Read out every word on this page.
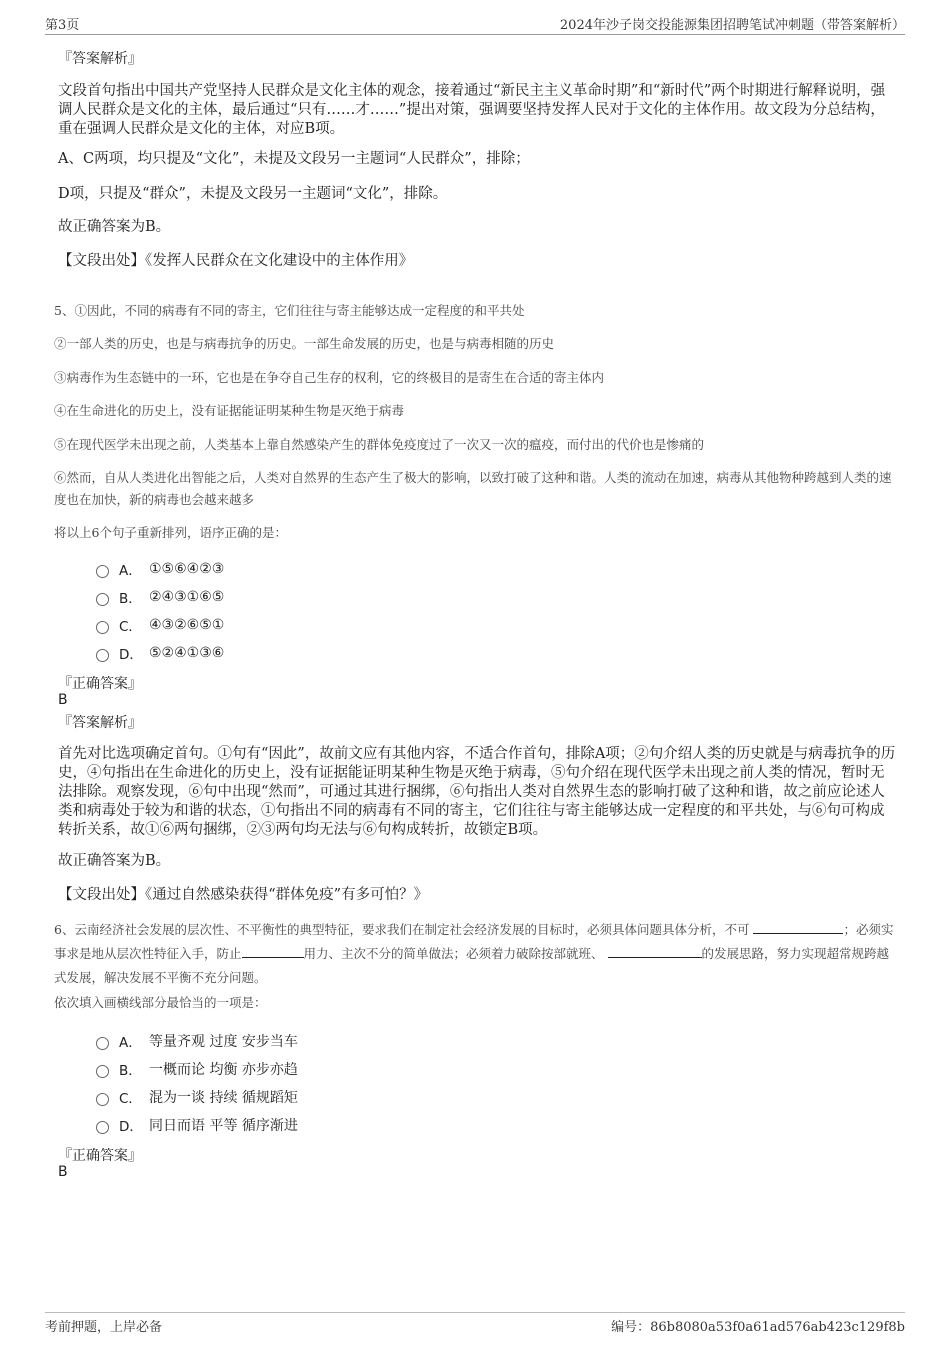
第3页	2024年沙子岗交投能源集团招聘笔试冲刺题（带答案解析）
『答案解析』
文段首句指出中国共产党坚持人民群众是文化主体的观念，接着通过“新民主主义革命时期”和“新时代”两个时期进行解释说明，强调人民群众是文化的主体，最后通过“只有……才……”提出对策，强调要坚持发挥人民对于文化的主体作用。故文段为分总结构，重在强调人民群众是文化的主体，对应B项。
A、C两项，均只提及“文化”，未提及文段另一主题词“人民群众”，排除；
D项，只提及“群众”，未提及文段另一主题词“文化”，排除。
故正确答案为B。
【文段出处】《发挥人民群众在文化建设中的主体作用》
5、①因此，不同的病毒有不同的寄主，它们往往与寄主能够达成一定程度的和平共处
②一部人类的历史，也是与病毒抗争的历史。一部生命发展的历史，也是与病毒相随的历史
③病毒作为生态链中的一环，它也是在争夺自己生存的权利，它的终极目的是寄生在合适的寄主体内
④在生命进化的历史上，没有证据能证明某种生物是灭绝于病毒
⑤在现代医学未出现之前，人类基本上靠自然感染产生的群体免疫度过了一次又一次的瘟疫，而付出的代价也是惨痛的
⑥然而，自从人类进化出智能之后，人类对自然界的生态产生了极大的影响，以致打破了这种和谐。人类的流动在加速，病毒从其他物种跨越到人类的速度也在加快，新的病毒也会越来越多
将以上6个句子重新排列，语序正确的是：
A． ①⑤⑥④②③
B． ②④③①⑥⑤
C． ④③②⑥⑤①
D． ⑤②④①③⑥
『正确答案』
B
『答案解析』
首先对比选项确定首句。①句有“因此”，故前文应有其他内容，不适合作首句，排除A项；②句介绍人类的历史就是与病毒抗争的历史，④句指出在生命进化的历史上，没有证据能证明某种生物是灭绝于病毒，⑤句介绍在现代医学未出现之前人类的情况，暂时无法排除。观察发现，⑥句中出现“然而”，可通过其进行捆绑，⑥句指出人类对自然界生态的影响打破了这种和谐，故之前应论述人类和病毒处于较为和谐的状态，①句指出不同的病毒有不同的寄主，它们往往与寄主能够达成一定程度的和平共处，与⑥句可构成转折关系，故①⑥两句捆绑，②③两句均无法与⑥句构成转折，故锁定B项。
故正确答案为B。
【文段出处】《通过自然感染获得“群体免疫”有多可怕？》
6、云南经济社会发展的层次性、不平衡性的典型特征，要求我们在制定社会经济发展的目标时，必须具体问题具体分析，不可	；必须实事求是地从层次性特征入手，防止	用力、主次不分的简单做法；必须着力破除按部就班、	的发展思路，努力实现超常规跨越式发展，解决发展不平衡不充分问题。
依次填入画横线部分最恰当的一项是：
A． 等量齐观 过度 安步当车
B． 一概而论 均衡 亦步亦趋
C． 混为一谈 持续 循规蹈矩
D． 同日而语 平等 循序渐进
『正确答案』
B
考前押题，上岸必备	编号：86b8080a53f0a61ad576ab423c129f8b
